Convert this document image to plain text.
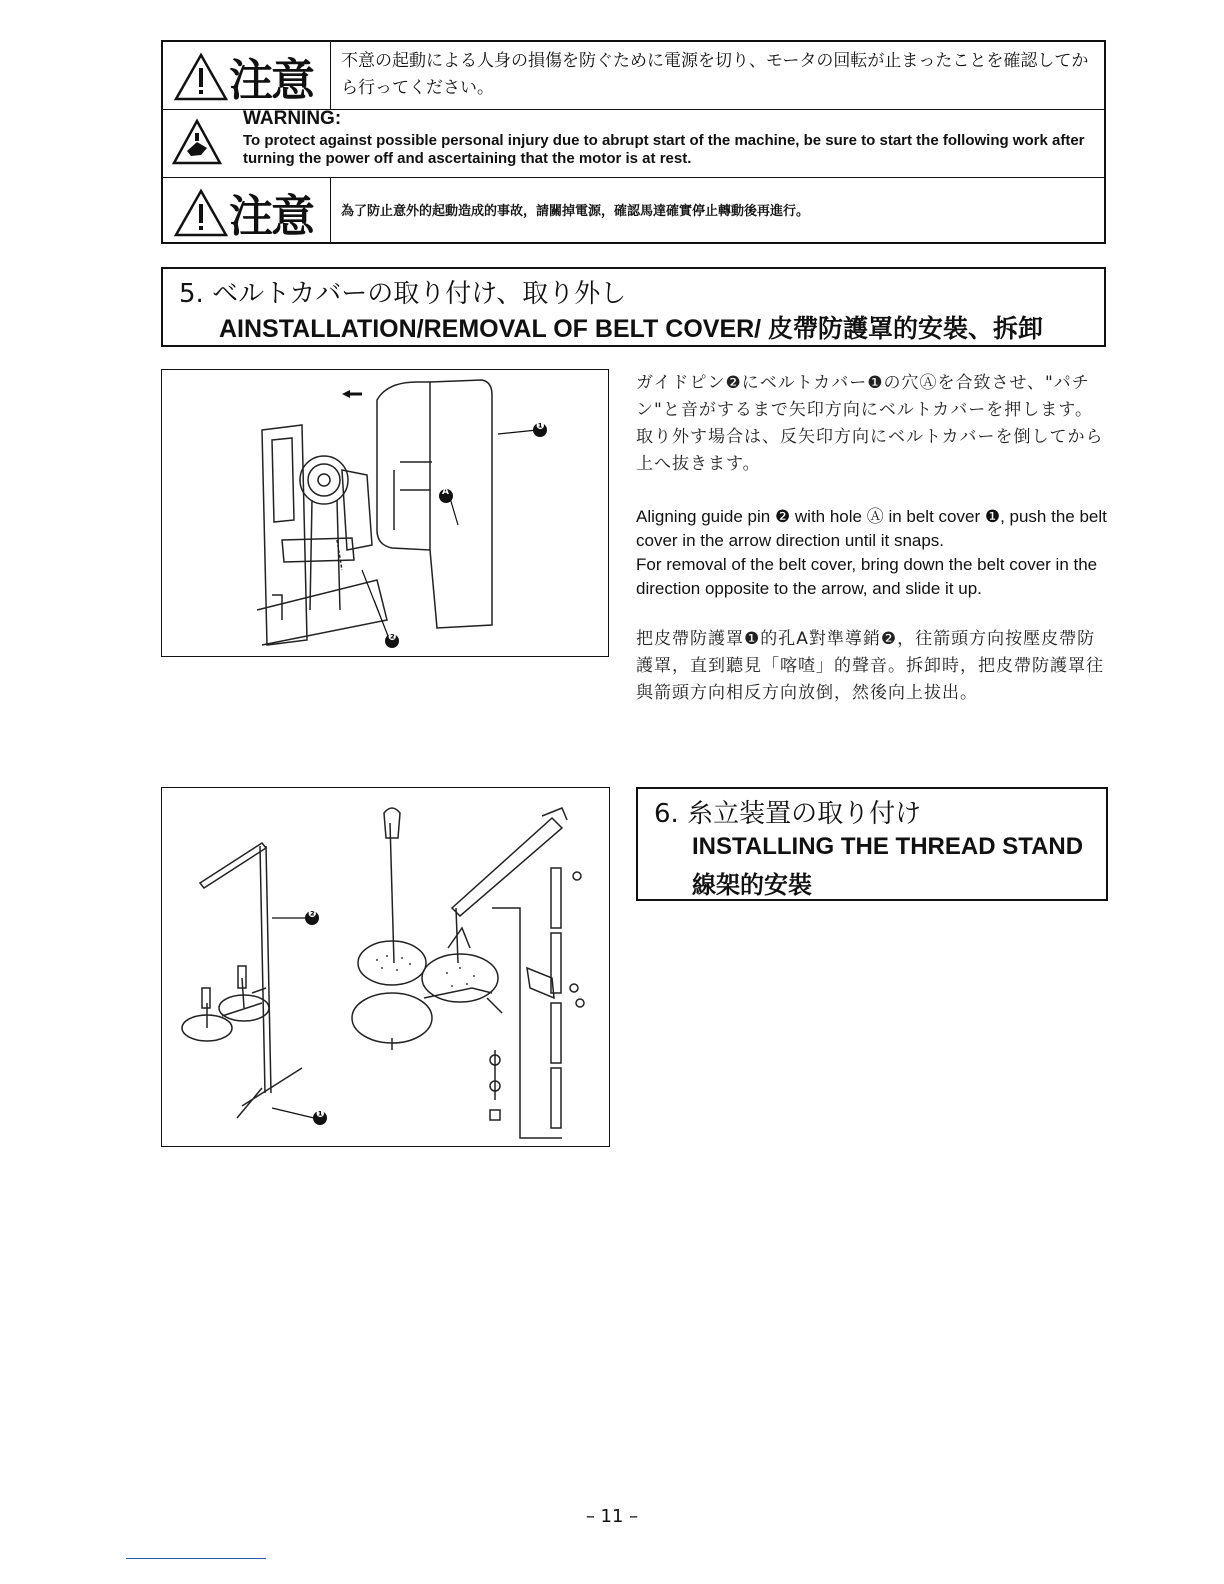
注意 不意の起動による人身の損傷を防ぐために電源を切り、モータの回転が止まったことを確認してから行ってください。
WARNING:
To protect against possible personal injury due to abrupt start of the machine, be sure to start the following work after turning the power off and ascertaining that the motor is at rest.
注意 為了防止意外的起動造成的事故，請關掉電源，確認馬達確實停止轉動後再進行。
5. ベルトカバーの取り付け、取り外し
AINSTALLATION/REMOVAL OF BELT COVER/ 皮帶防護罩的安裝、拆卸
❶
A
❷
ガイドピン❷にベルトカバー❶の穴Ⓐを合致させ、"パチン"と音がするまで矢印方向にベルトカバーを押します。取り外す場合は、反矢印方向にベルトカバーを倒してから上へ抜きます。
Aligning guide pin ❷ with hole Ⓐ in belt cover ❶, push the belt cover in the arrow direction until it snaps.
For removal of the belt cover, bring down the belt cover in the direction opposite to the arrow, and slide it up.
把皮帶防護罩❶的孔A對準導銷❷，往箭頭方向按壓皮帶防護罩，直到聽見「喀喳」的聲音。拆卸時，把皮帶防護罩往與箭頭方向相反方向放倒，然後向上拔出。
❷
❶
6. 糸立装置の取り付け
INSTALLING THE THREAD STAND
線架的安裝
– 11 –
